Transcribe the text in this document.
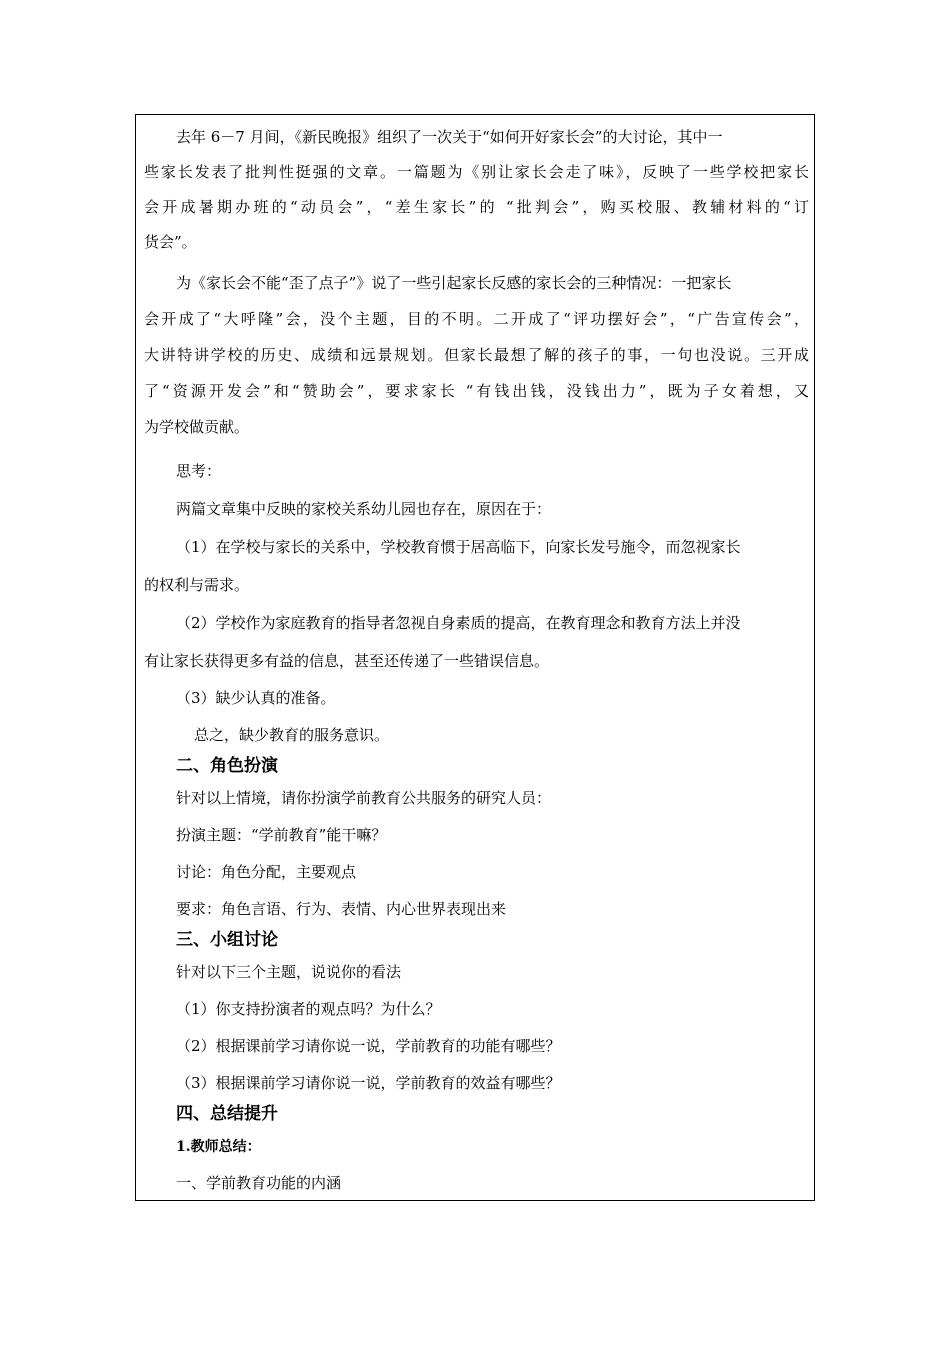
去年 6－7 月间，《新民晚报》组织了一次关于“如何开好家长会”的大讨论，其中一

些家长发表了批判性挺强的文章。一篇题为《别让家长会走了味》，反映了一些学校把家长

会开成暑期办班的“动员会”，“差生家长”的 “批判会”，购买校服、教辅材料的“订

货会”。

为《家长会不能“歪了点子”》说了一些引起家长反感的家长会的三种情况：一把家长

会开成了“大呼隆”会，没个主题，目的不明。二开成了“评功摆好会”，“广告宣传会”，

大讲特讲学校的历史、成绩和远景规划。但家长最想了解的孩子的事，一句也没说。三开成

了“资源开发会”和“赞助会”，要求家长 “有钱出钱，没钱出力”，既为子女着想，又

为学校做贡献。

思考：

两篇文章集中反映的家校关系幼儿园也存在，原因在于：

（1）在学校与家长的关系中，学校教育惯于居高临下，向家长发号施令，而忽视家长

的权利与需求。

（2）学校作为家庭教育的指导者忽视自身素质的提高，在教育理念和教育方法上并没

有让家长获得更多有益的信息，甚至还传递了一些错误信息。

（3）缺少认真的准备。

总之，缺少教育的服务意识。

二、角色扮演

针对以上情境，请你扮演学前教育公共服务的研究人员：

扮演主题：“学前教育”能干嘛？

讨论：角色分配，主要观点

要求：角色言语、行为、表情、内心世界表现出来

三、小组讨论

针对以下三个主题，说说你的看法

（1）你支持扮演者的观点吗？为什么？

（2）根据课前学习请你说一说，学前教育的功能有哪些？

（3）根据课前学习请你说一说，学前教育的效益有哪些？

四、总结提升

1.教师总结：

一、学前教育功能的内涵
